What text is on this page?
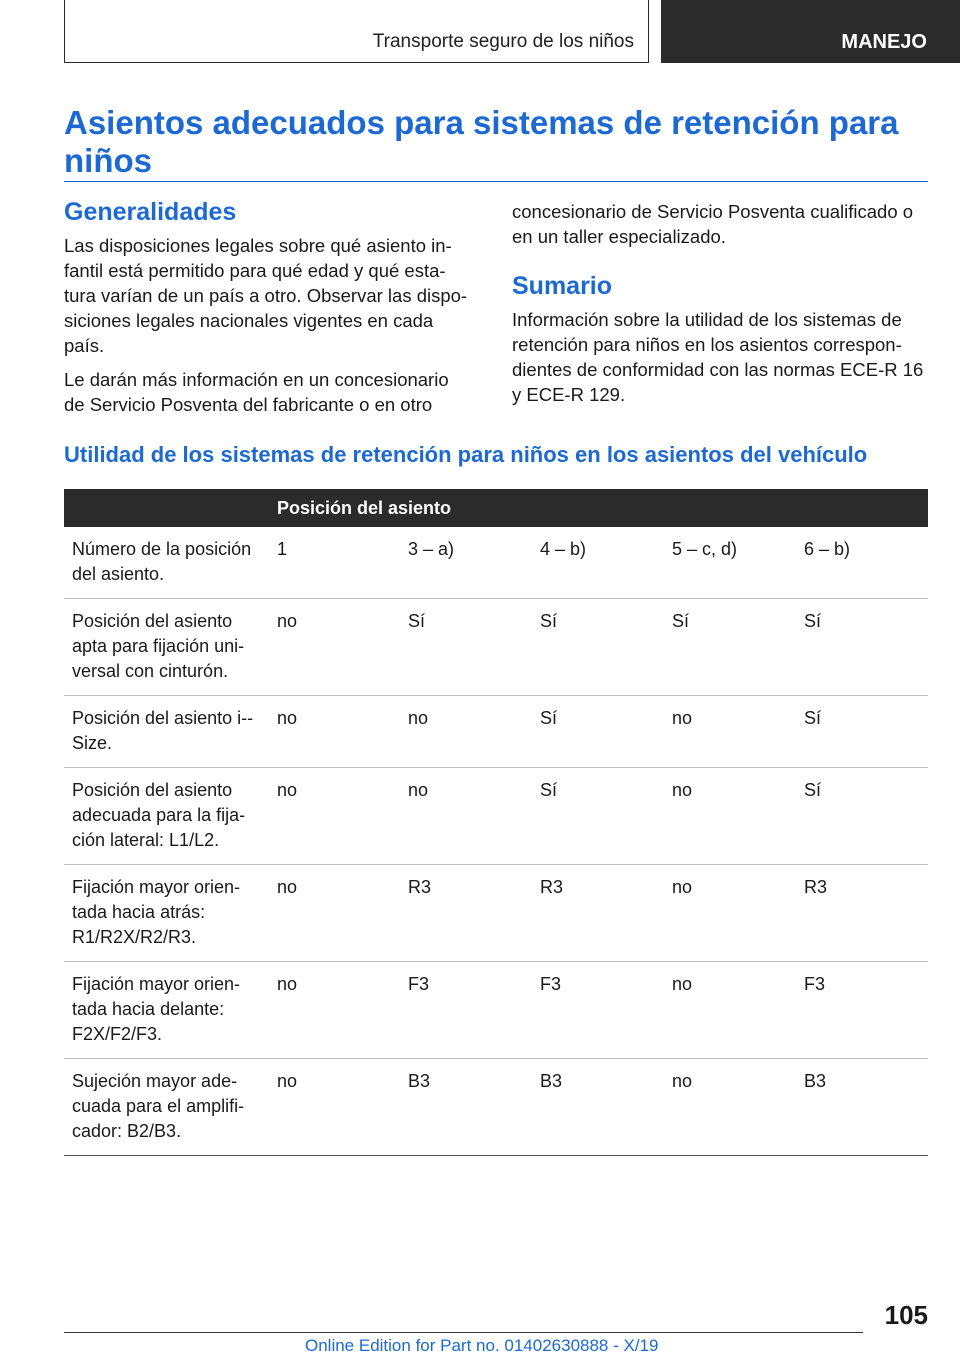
Transporte seguro de los niños	MANEJO
Asientos adecuados para sistemas de retención para niños
Generalidades

Las disposiciones legales sobre qué asiento in-fantil está permitido para qué edad y qué esta-tura varían de un país a otro. Observar las dispo-siciones legales nacionales vigentes en cada país.

Le darán más información en un concesionario de Servicio Posventa del fabricante o en otro

concesionario de Servicio Posventa cualificado o en un taller especializado.

Sumario

Información sobre la utilidad de los sistemas de retención para niños en los asientos correspon-dientes de conformidad con las normas ECE-R 16 y ECE-R 129.

Utilidad de los sistemas de retención para niños en los asientos del vehículo
	Posición del asiento				
Número de la posición del asiento.	1	3 – a)	4 – b)	5 – c, d)	6 – b)
Posición del asiento apta para fijación uni-versal con cinturón.	no	Sí	Sí	Sí	Sí
Posición del asiento i--Size.	no	no	Sí	no	Sí
Posición del asiento adecuada para la fija-ción lateral: L1/L2.	no	no	Sí	no	Sí
Fijación mayor orien-tada hacia atrás: R1/R2X/R2/R3.	no	R3	R3	no	R3
Fijación mayor orien-tada hacia delante: F2X/F2/F3.	no	F3	F3	no	F3
Sujeción mayor ade-cuada para el amplifi-cador: B2/B3.	no	B3	B3	no	B3
105
Online Edition for Part no. 01402630888 - X/19
